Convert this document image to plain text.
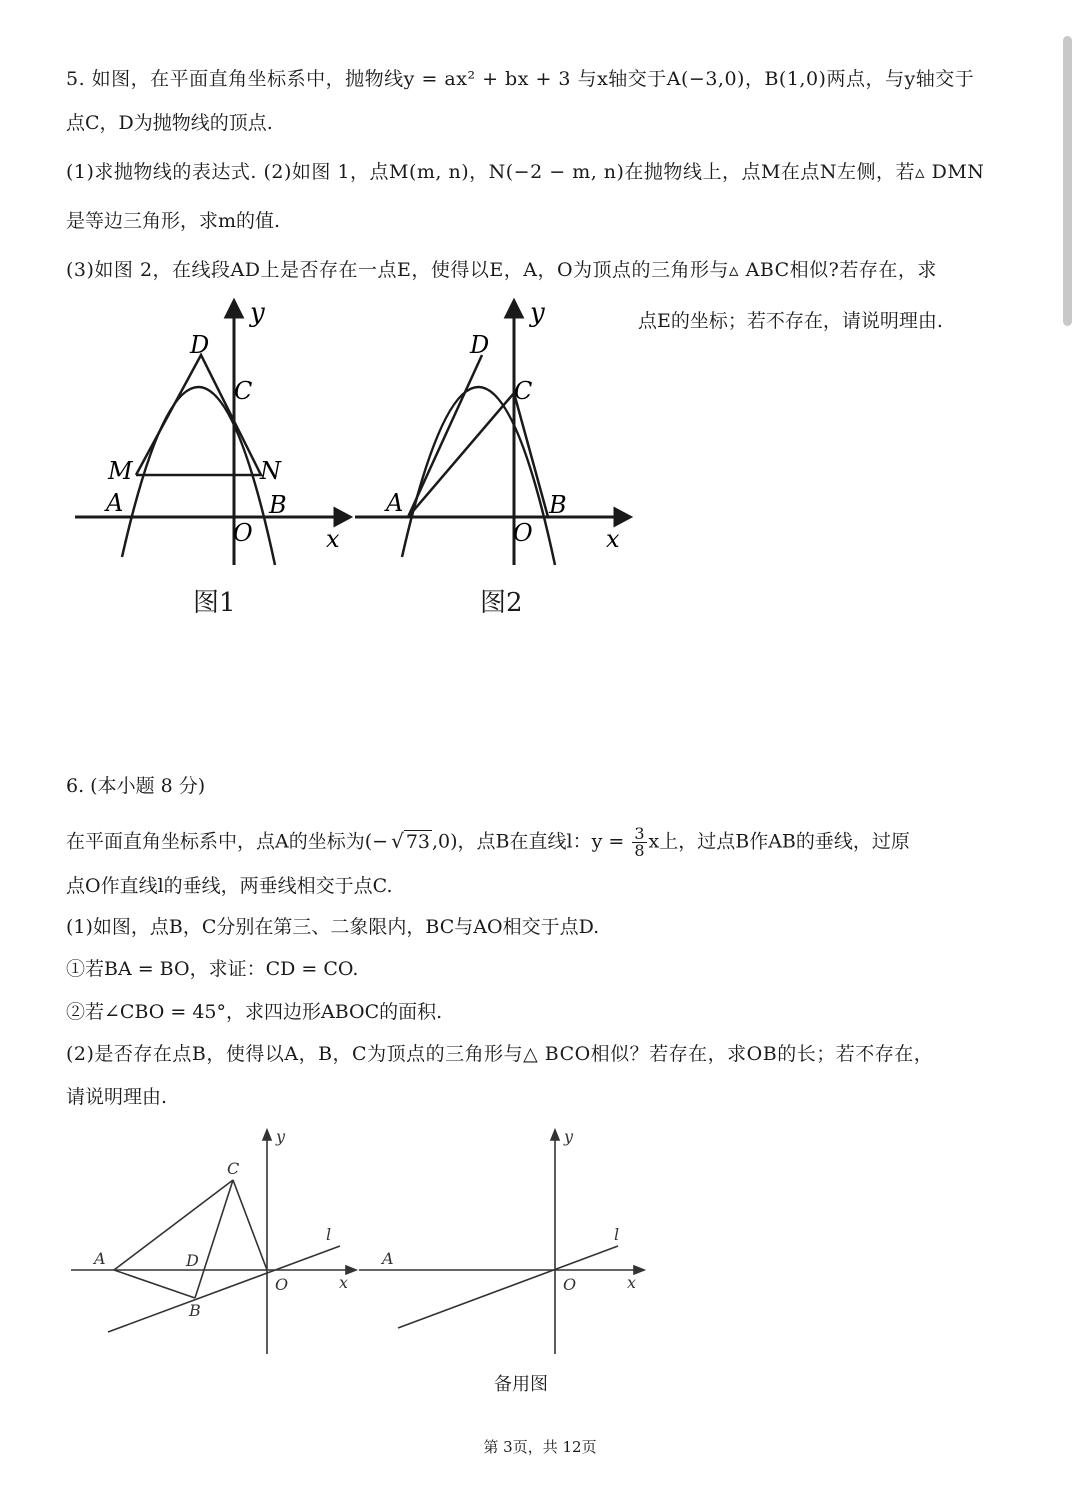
5. 如图，在平面直角坐标系中，抛物线y = ax² + bx + 3 与x轴交于A(−3,0)，B(1,0)两点，与y轴交于
点C，D为抛物线的顶点.
(1)求抛物线的表达式. (2)如图 1，点M(m, n)，N(−2 − m, n)在抛物线上，点M在点N左侧，若▵ DMN
是等边三角形，求m的值.
(3)如图 2，在线段AD上是否存在一点E，使得以E，A，O为顶点的三角形与▵ ABC相似?若存在，求
点E的坐标；若不存在，请说明理由.
D
C
M	N
A	B
O	x
y
图1
D
C
A	B
O	x
y
图2
6. (本小题 8 分)
在平面直角坐标系中，点A的坐标为(− √ 73 ,0)，点B在直线l：$y = \frac{3}{8}$ x上，过点B作AB的垂线，过原
点O作直线l的垂线，两垂线相交于点C.
(1)如图，点B，C分别在第三、二象限内，BC与AO相交于点D.
①若BA = BO，求证：CD = CO.
②若∠CBO = 45°，求四边形ABOC的面积.
(2)是否存在点B，使得以A，B，C为顶点的三角形与△ BCO相似？若存在，求OB的长；若不存在，
请说明理由.
C
A	D
B
O	x
y
l
A
O	x
y
l
备用图
第 3页，共 12页
